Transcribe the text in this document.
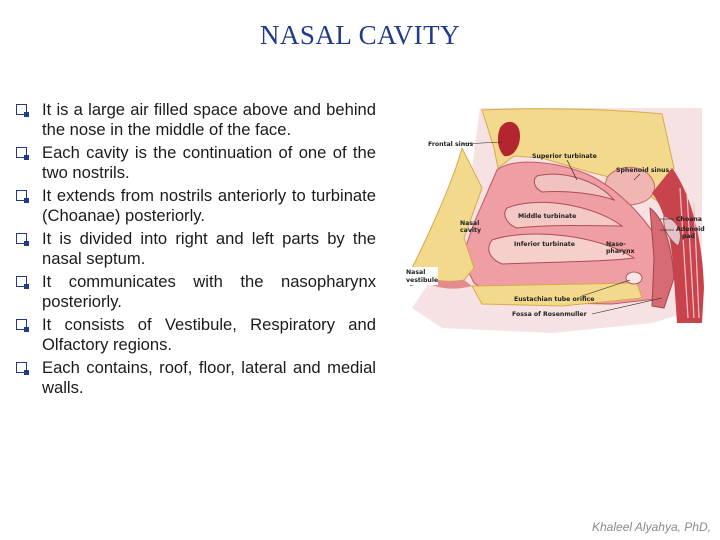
NASAL CAVITY
It is a large air filled space above and behind the nose in the middle of the face.
Each cavity is the continuation of one of the two nostrils.
It extends from nostrils anteriorly to turbinate (Choanae) posteriorly.
It is divided into right and left parts by the nasal septum.
It communicates with the nasopharynx posteriorly.
It consists of Vestibule, Respiratory and Olfactory regions.
Each contains, roof, floor, lateral and medial walls.
Frontal sinus
Superior turbinate
Sphenoid sinus
Middle turbinate	Choana
Adenoid
pad
Nasal
cavity
Inferior turbinate	Naso-
pharynx
Nasal
vestibule
Eustachian tube orifice
Fossa of Rosenmuller
Khaleel Alyahya, PhD,
